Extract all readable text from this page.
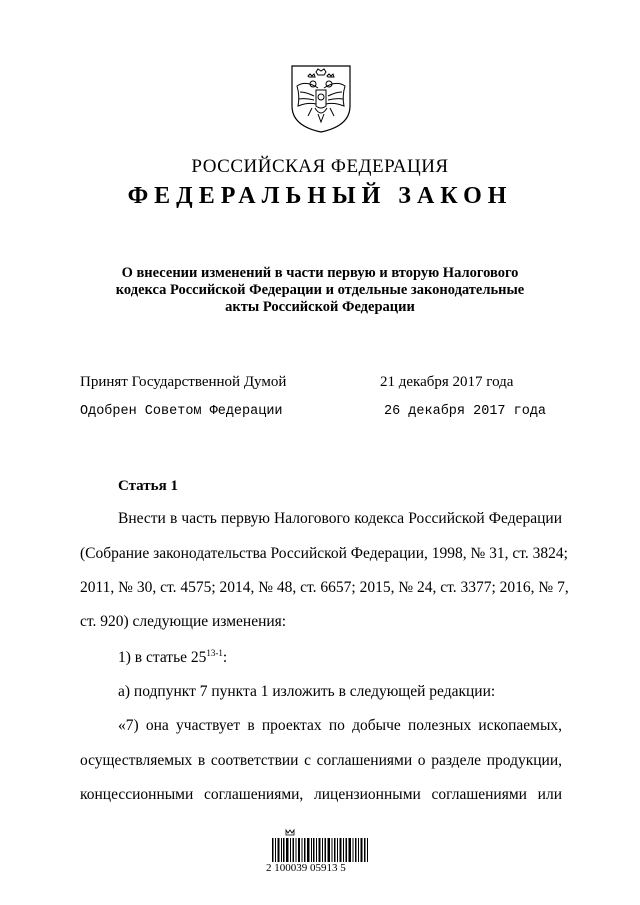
РОССИЙСКАЯ ФЕДЕРАЦИЯ
ФЕДЕРАЛЬНЫЙ ЗАКОН
О внесении изменений в части первую и вторую Налогового
кодекса Российской Федерации и отдельные законодательные
акты Российской Федерации
Принят Государственной Думой	21 декабря 2017 года
Одобрен Советом Федерации	26 декабря 2017 года
Статья 1
Внести в часть первую Налогового кодекса Российской Федерации
(Собрание законодательства Российской Федерации, 1998, № 31, ст. 3824;
2011, № 30, ст. 4575; 2014, № 48, ст. 6657; 2015, № 24, ст. 3377; 2016, № 7,
ст. 920) следующие изменения:
1) в статье 25$^{13-1}$:
а) подпункт 7 пункта 1 изложить в следующей редакции:
«7) она участвует в проектах по добыче полезных ископаемых,
осуществляемых в соответствии с соглашениями о разделе продукции,
концессионными соглашениями, лицензионными соглашениями или
2 100039 05913 5
